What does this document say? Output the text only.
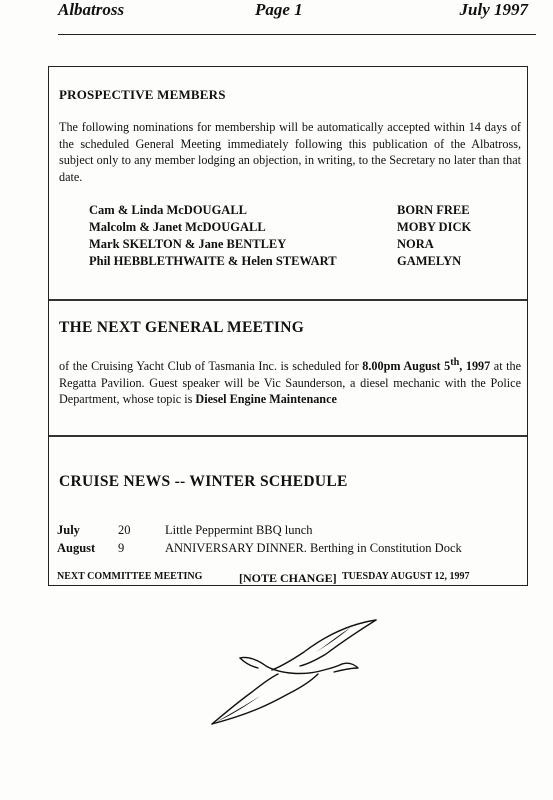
Albatross	Page 1	July 1997
PROSPECTIVE MEMBERS
The following nominations for membership will be automatically accepted within 14 days of the scheduled General Meeting immediately following this publication of the Albatross, subject only to any member lodging an objection, in writing, to the Secretary no later than that date.
Cam & Linda McDOUGALL	BORN FREE
Malcolm & Janet McDOUGALL	MOBY DICK
Mark SKELTON & Jane BENTLEY	NORA
Phil HEBBLETHWAITE & Helen STEWART	GAMELYN
THE NEXT GENERAL MEETING
of the Cruising Yacht Club of Tasmania Inc. is scheduled for 8.00pm August 5th, 1997 at the Regatta Pavilion. Guest speaker will be Vic Saunderson, a diesel mechanic with the Police Department, whose topic is Diesel Engine Maintenance
CRUISE NEWS -- WINTER SCHEDULE
July	20	Little Peppermint BBQ lunch
August 9	ANNIVERSARY DINNER. Berthing in Constitution Dock
NEXT COMMITTEE MEETING	[NOTE CHANGE] TUESDAY AUGUST 12, 1997
